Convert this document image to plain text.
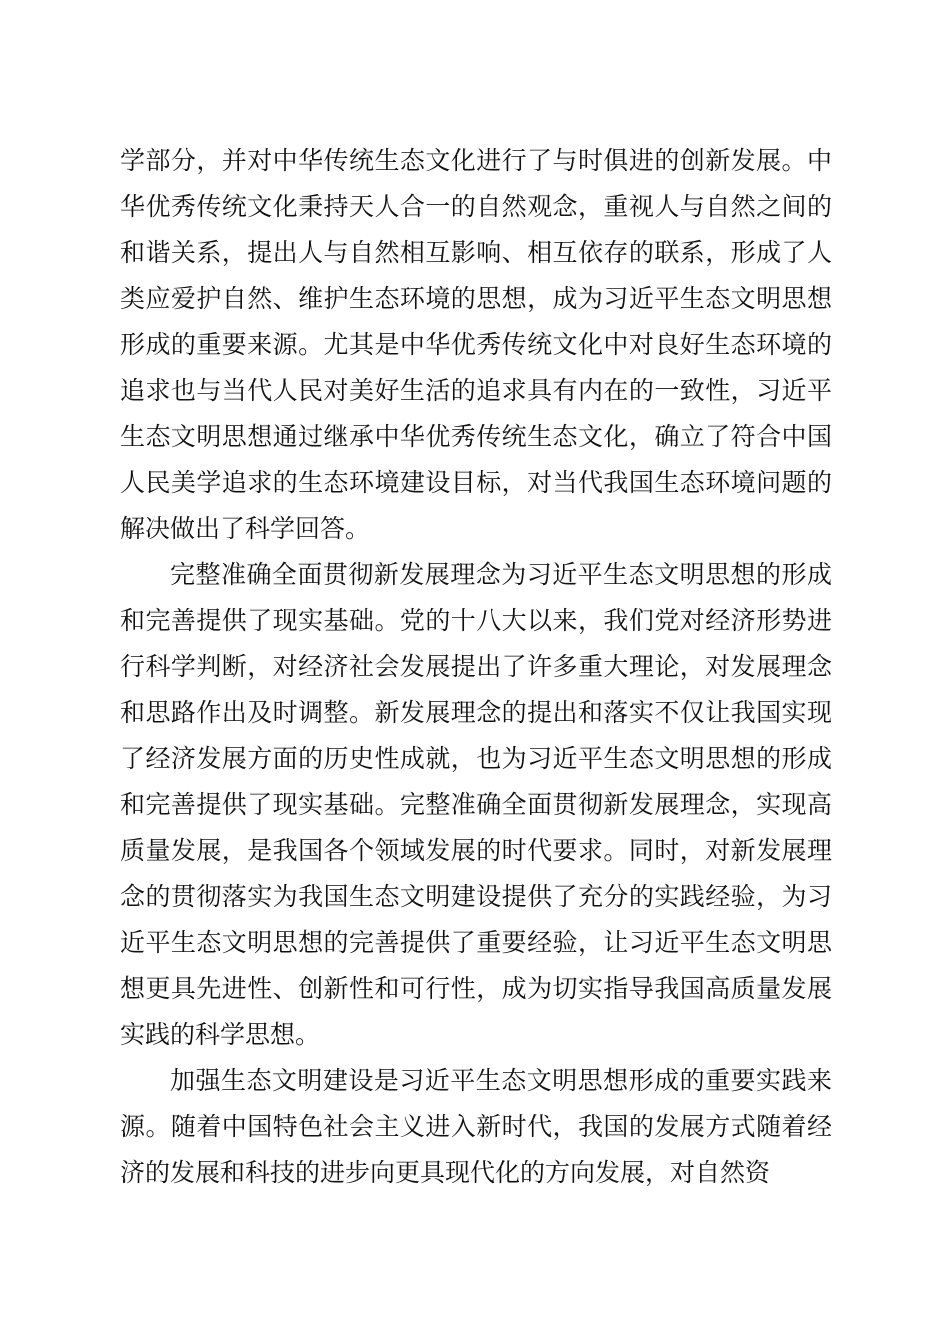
学部分，并对中华传统生态文化进行了与时俱进的创新发展。中华优秀传统文化秉持天人合一的自然观念，重视人与自然之间的和谐关系，提出人与自然相互影响、相互依存的联系，形成了人类应爱护自然、维护生态环境的思想，成为习近平生态文明思想形成的重要来源。尤其是中华优秀传统文化中对良好生态环境的追求也与当代人民对美好生活的追求具有内在的一致性，习近平生态文明思想通过继承中华优秀传统生态文化，确立了符合中国人民美学追求的生态环境建设目标，对当代我国生态环境问题的解决做出了科学回答。

完整准确全面贯彻新发展理念为习近平生态文明思想的形成和完善提供了现实基础。党的十八大以来，我们党对经济形势进行科学判断，对经济社会发展提出了许多重大理论，对发展理念和思路作出及时调整。新发展理念的提出和落实不仅让我国实现了经济发展方面的历史性成就，也为习近平生态文明思想的形成和完善提供了现实基础。完整准确全面贯彻新发展理念，实现高质量发展，是我国各个领域发展的时代要求。同时，对新发展理念的贯彻落实为我国生态文明建设提供了充分的实践经验，为习近平生态文明思想的完善提供了重要经验，让习近平生态文明思想更具先进性、创新性和可行性，成为切实指导我国高质量发展实践的科学思想。

加强生态文明建设是习近平生态文明思想形成的重要实践来源。随着中国特色社会主义进入新时代，我国的发展方式随着经济的发展和科技的进步向更具现代化的方向发展，对自然资
